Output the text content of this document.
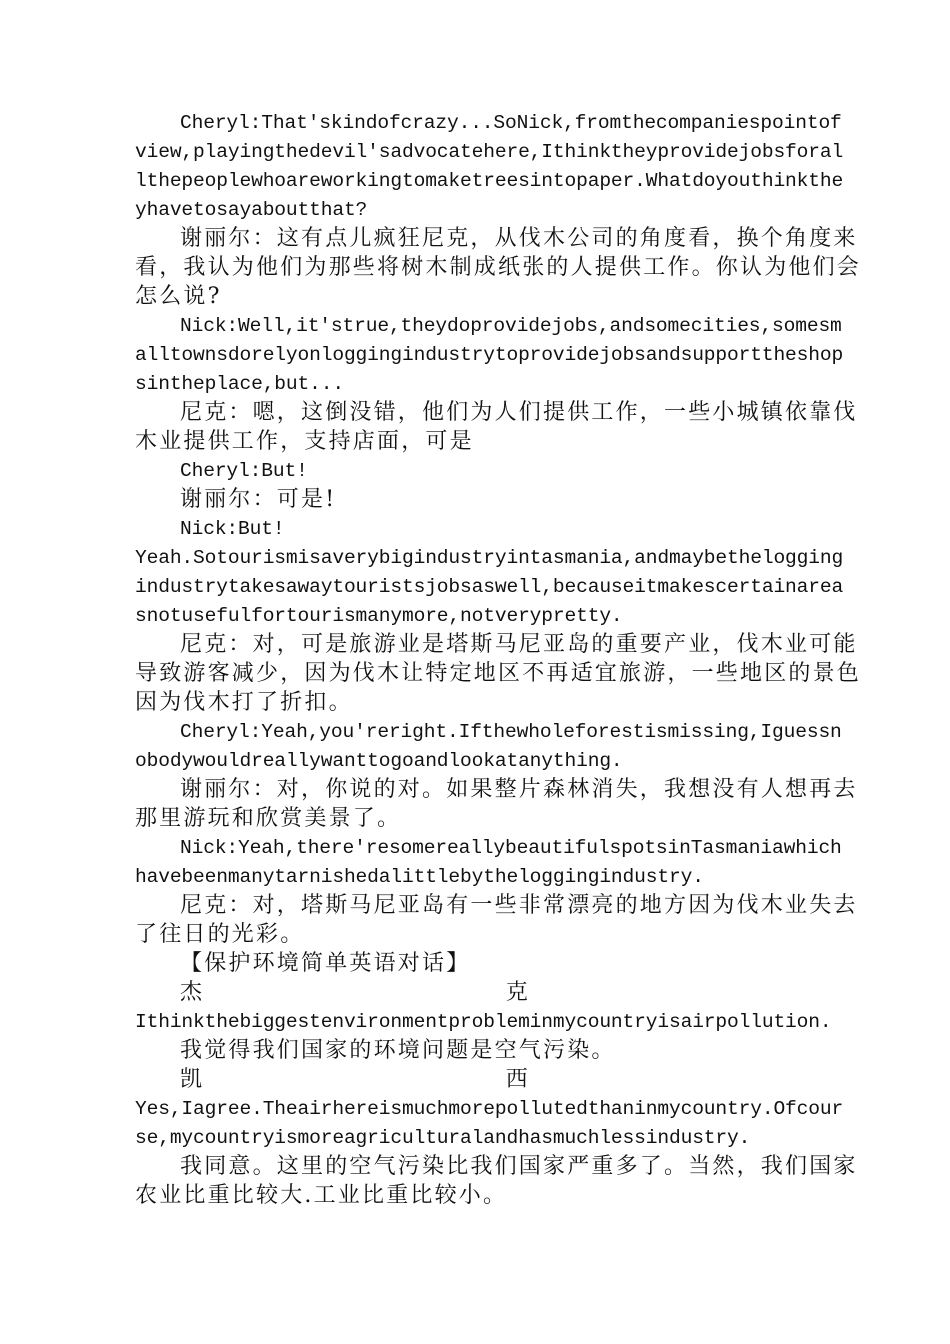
Cheryl:That'skindofcrazy...SoNick,fromthecompaniespointof

view,playingthedevil'sadvocatehere,Ithinktheyprovidejobsforal

lthepeoplewhoareworkingtomaketreesintopaper.Whatdoyouthinkthe

yhavetosayaboutthat?

谢丽尔：这有点儿疯狂尼克，从伐木公司的角度看，换个角度来

看，我认为他们为那些将树木制成纸张的人提供工作。你认为他们会

怎么说?

Nick:Well,it'strue,theydoprovidejobs,andsomecities,somesm

alltownsdorelyonloggingindustrytoprovidejobsandsupporttheshop

sintheplace,but...

尼克：嗯，这倒没错，他们为人们提供工作，一些小城镇依靠伐

木业提供工作，支持店面，可是

Cheryl:But!

谢丽尔：可是!

Nick:But!

Yeah.Sotourismisaverybigindustryintasmania,andmaybethelogging

industrytakesawaytouristsjobsaswell,becauseitmakescertainarea

snotusefulfortourismanymore,notverypretty.

尼克：对，可是旅游业是塔斯马尼亚岛的重要产业，伐木业可能

导致游客减少，因为伐木让特定地区不再适宜旅游，一些地区的景色

因为伐木打了折扣。

Cheryl:Yeah,you'reright.Ifthewholeforestismissing,Iguessn

obodywouldreallywanttogoandlookatanything.

谢丽尔：对，你说的对。如果整片森林消失，我想没有人想再去

那里游玩和欣赏美景了。

Nick:Yeah,there'resomereallybeautifulspotsinTasmaniawhich

havebeenmanytarnishedalittlebytheloggingindustry.

尼克：对，塔斯马尼亚岛有一些非常漂亮的地方因为伐木业失去

了往日的光彩。

【保护环境简单英语对话】

杰	克

Ithinkthebiggestenvironmentprobleminmycountryisairpollution.

我觉得我们国家的环境问题是空气污染。

凯	西

Yes,Iagree.Theairhereismuchmorepollutedthaninmycountry.Ofcour

se,mycountryismoreagriculturalandhasmuchlessindustry.

我同意。这里的空气污染比我们国家严重多了。当然，我们国家

农业比重比较大.工业比重比较小。
